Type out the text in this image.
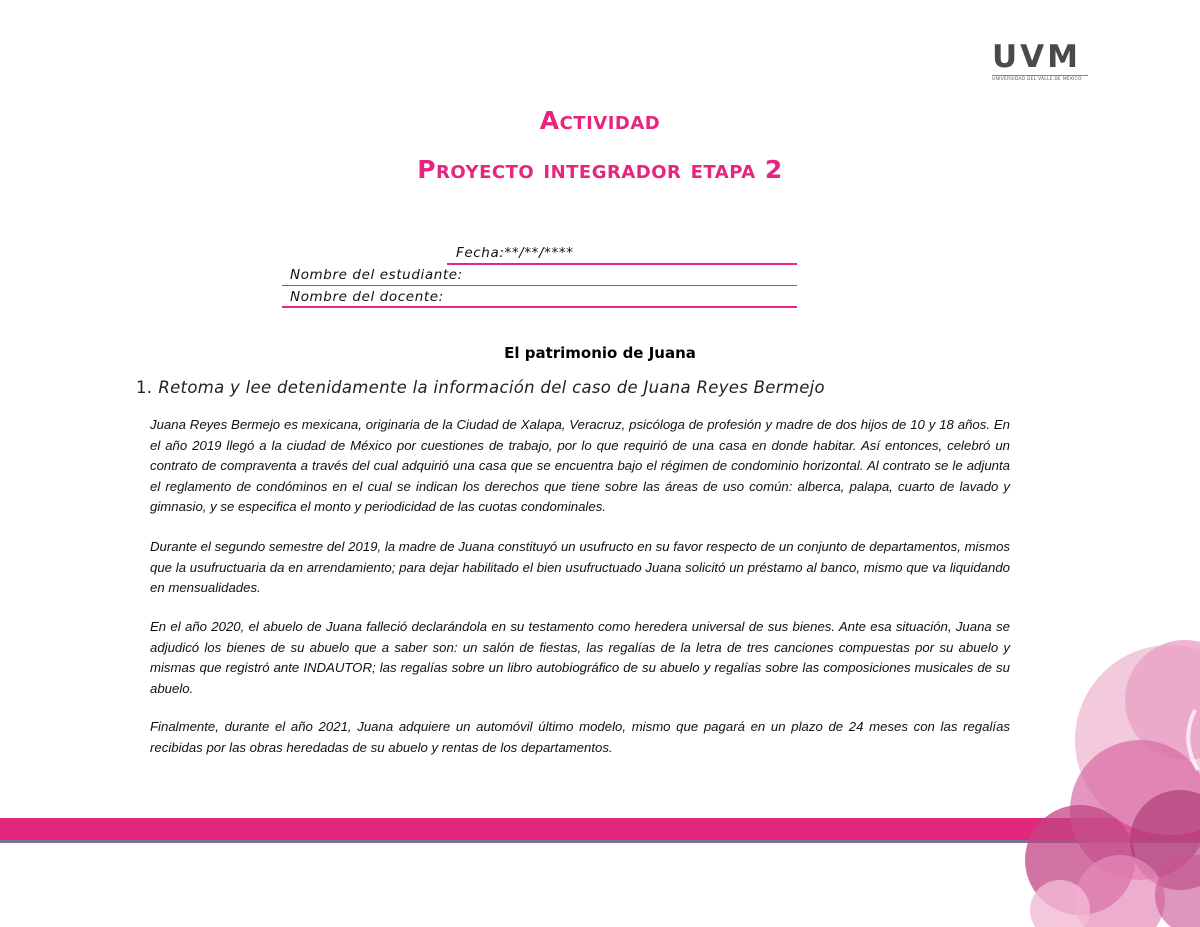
UVM
UNIVERSIDAD DEL VALLE DE MÉXICO
Actividad
Proyecto integrador etapa 2
Fecha:**/**/****
Nombre del estudiante:
Nombre del docente:
El patrimonio de Juana
1. Retoma y lee detenidamente la información del caso de Juana Reyes Bermejo
Juana Reyes Bermejo es mexicana, originaria de la Ciudad de Xalapa, Veracruz, psicóloga de profesión y madre de dos hijos de 10 y 18 años. En el año 2019 llegó a la ciudad de México por cuestiones de trabajo, por lo que requirió de una casa en donde habitar. Así entonces, celebró un contrato de compraventa a través del cual adquirió una casa que se encuentra bajo el régimen de condominio horizontal. Al contrato se le adjunta el reglamento de condóminos en el cual se indican los derechos que tiene sobre las áreas de uso común: alberca, palapa, cuarto de lavado y gimnasio, y se especifica el monto y periodicidad de las cuotas condominales.
Durante el segundo semestre del 2019, la madre de Juana constituyó un usufructo en su favor respecto de un conjunto de departamentos, mismos que la usufructuaria da en arrendamiento; para dejar habilitado el bien usufructuado Juana solicitó un préstamo al banco, mismo que va liquidando en mensualidades.
En el año 2020, el abuelo de Juana falleció declarándola en su testamento como heredera universal de sus bienes. Ante esa situación, Juana se adjudicó los bienes de su abuelo que a saber son: un salón de fiestas, las regalías de la letra de tres canciones compuestas por su abuelo y mismas que registró ante INDAUTOR; las regalías sobre un libro autobiográfico de su abuelo y regalías sobre las composiciones musicales de su abuelo.
Finalmente, durante el año 2021, Juana adquiere un automóvil último modelo, mismo que pagará en un plazo de 24 meses con las regalías recibidas por las obras heredadas de su abuelo y rentas de los departamentos.
